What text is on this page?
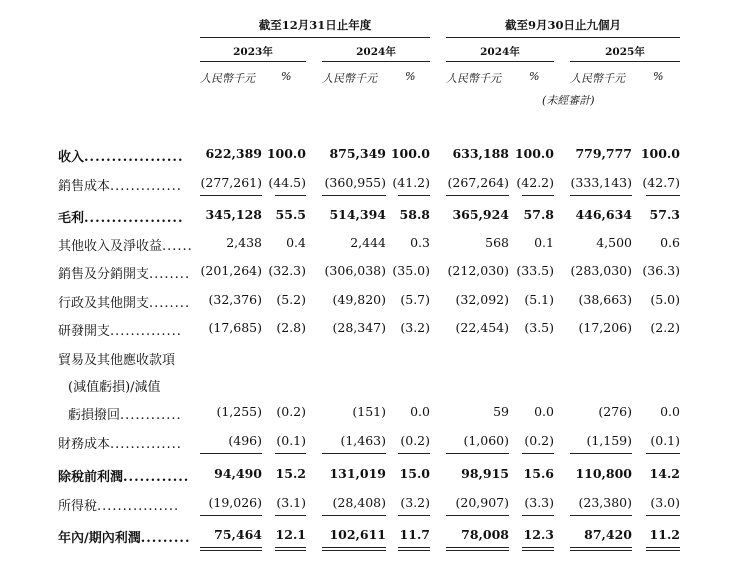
截至12月31日止年度	截至9月30日止九個月
2023年	2024年	2024年	2025年
人民幣千元 %	人民幣千元	%	人民幣千元	%	人民幣千元	%
(未經審計)
收入..................	622,389 100.0	875,349 100.0	633,188 100.0	779,777 100.0
銷售成本..............	(277,261) (44.5)	(360,955) (41.2)	(267,264) (42.2)	(333,143) (42.7)
毛利..................	345,128	55.5	514,394	58.8	365,924	57.8	446,634	57.3
其他收入及淨收益......	2,438	0.4	2,444	0.3	568	0.1	4,500	0.6
銷售及分銷開支........ (201,264) (32.3)	(306,038) (35.0)	(212,030) (33.5)	(283,030) (36.3)
行政及其他開支........	(32,376)	(5.2)	(49,820)	(5.7)	(32,092)	(5.1)	(38,663)	(5.0)
研發開支..............	(17,685)	(2.8)	(28,347)	(3.2)	(22,454)	(3.5)	(17,206)	(2.2)
貿易及其他應收款項
(減值虧損)/減值
虧損撥回............	(1,255)	(0.2)	(151)	0.0	59	0.0	(276)	0.0
財務成本..............	(496)	(0.1)	(1,463)	(0.2)	(1,060)	(0.2)	(1,159)	(0.1)
除稅前利潤............	94,490	15.2	131,019	15.0	98,915	15.6	110,800	14.2
所得稅................	(19,026)	(3.1)	(28,408)	(3.2)	(20,907)	(3.3)	(23,380)	(3.0)
年內/期內利潤.........	75,464	12.1	102,611	11.7	78,008	12.3	87,420	11.2
